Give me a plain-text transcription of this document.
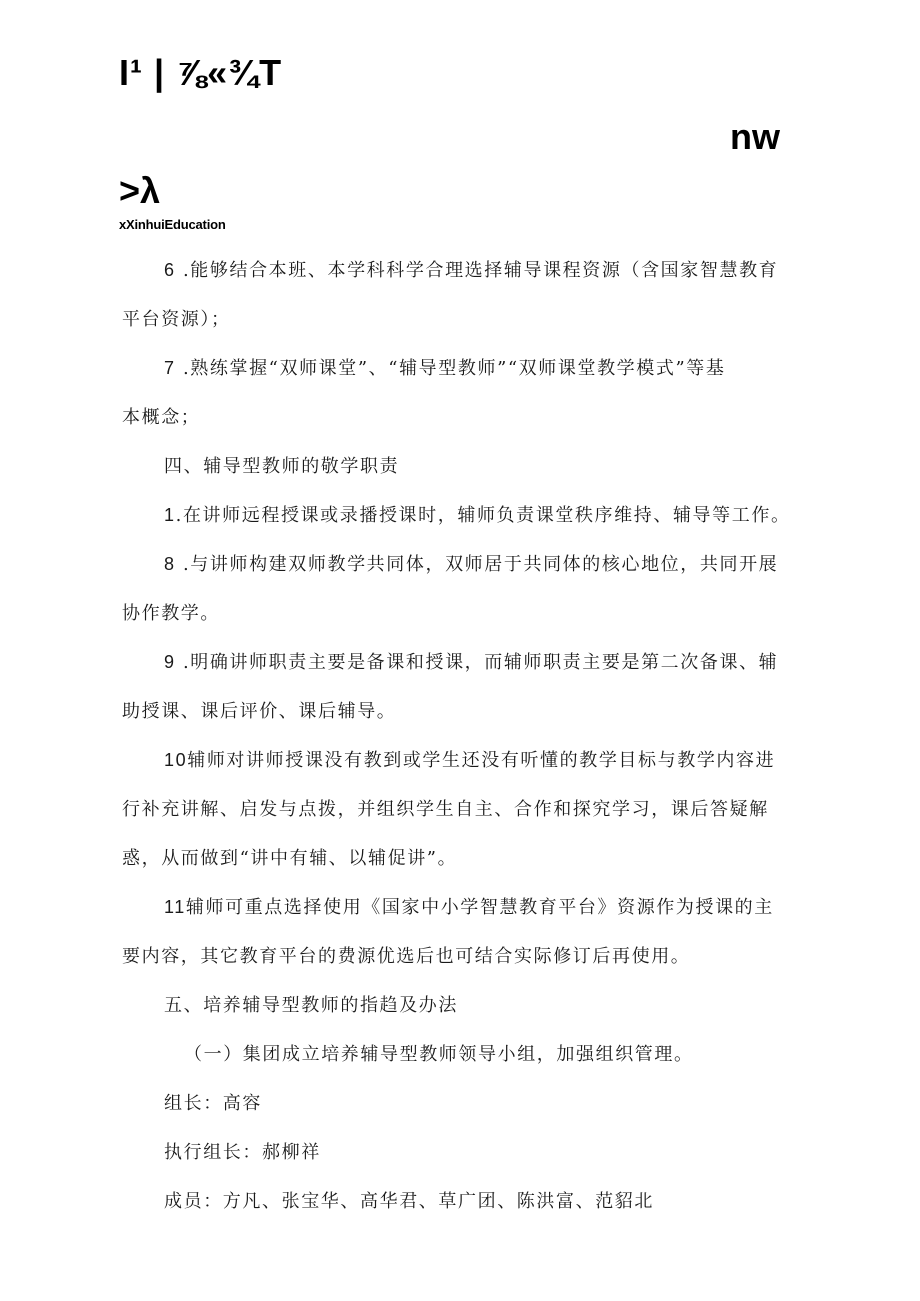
I¹ | ⅞«¾T
nw
>λ
xXinhuiEducation
6 .能够结合本班、本学科科学合理选择辅导课程资源（含国家智慧教育
平台资源）；
7 .熟练掌握“双师课堂”、“辅导型教师”“双师课堂教学模式”等基
本概念；
四、辅导型教师的敬学职责
1.在讲师远程授课或录播授课时，辅师负责课堂秩序维持、辅导等工作。
8 .与讲师构建双师教学共同体，双师居于共同体的核心地位，共同开展
协作教学。
9 .明确讲师职责主要是备课和授课，而辅师职责主要是第二次备课、辅
助授课、课后评价、课后辅导。
10辅师对讲师授课没有教到或学生还没有听懂的教学目标与教学内容进
行补充讲解、启发与点拨，并组织学生自主、合作和探究学习，课后答疑解
惑，从而做到“讲中有辅、以辅促讲”。
11辅师可重点选择使用《国家中小学智慧教育平台》资源作为授课的主
要内容，其它教育平台的费源优选后也可结合实际修订后再使用。
五、培养辅导型教师的指趋及办法
（一）集团成立培养辅导型教师领导小组，加强组织管理。
组长：高容
执行组长：郝柳祥
成员：方凡、张宝华、高华君、草广团、陈洪富、范貂北
